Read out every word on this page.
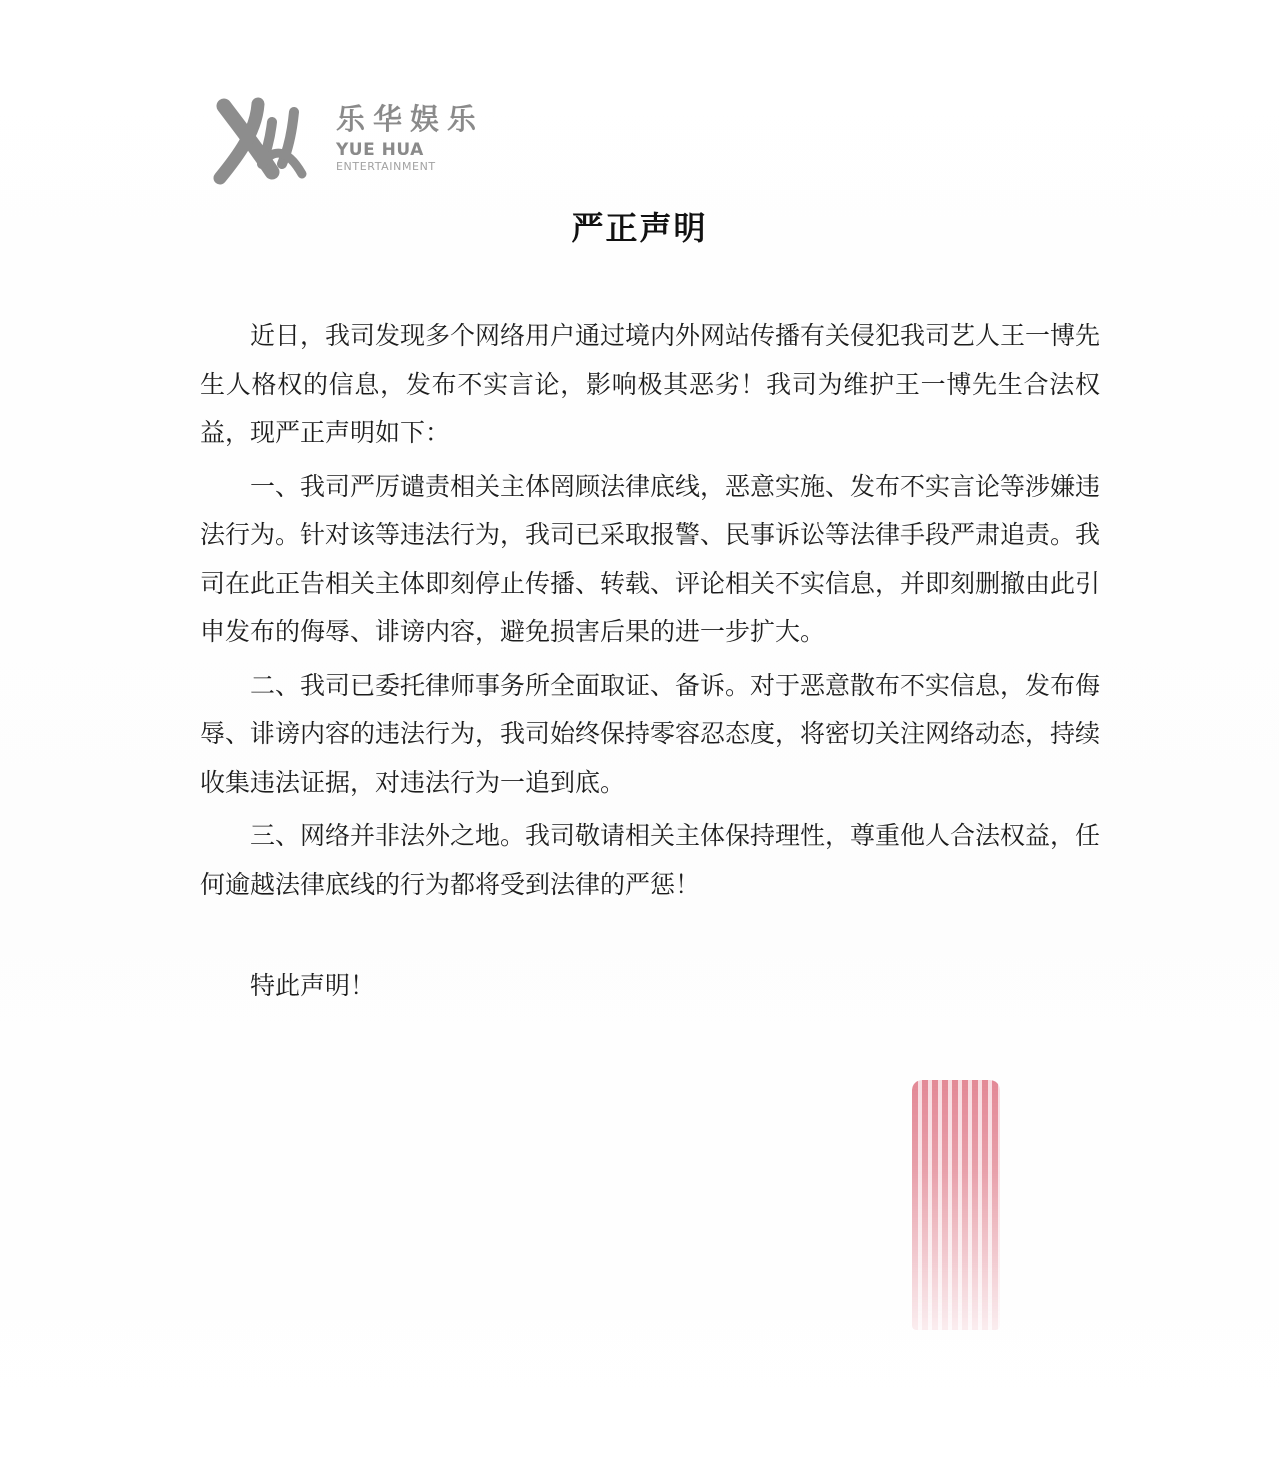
乐华娱乐
YUE HUA
ENTERTAINMENT
严正声明

近日，我司发现多个网络用户通过境内外网站传播有关侵犯我司艺人王一博先生人格权的信息，发布不实言论，影响极其恶劣！我司为维护王一博先生合法权益，现严正声明如下：

一、我司严厉谴责相关主体罔顾法律底线，恶意实施、发布不实言论等涉嫌违法行为。针对该等违法行为，我司已采取报警、民事诉讼等法律手段严肃追责。我司在此正告相关主体即刻停止传播、转载、评论相关不实信息，并即刻删撤由此引申发布的侮辱、诽谤内容，避免损害后果的进一步扩大。

二、我司已委托律师事务所全面取证、备诉。对于恶意散布不实信息，发布侮辱、诽谤内容的违法行为，我司始终保持零容忍态度，将密切关注网络动态，持续收集违法证据，对违法行为一追到底。

三、网络并非法外之地。我司敬请相关主体保持理性，尊重他人合法权益，任何逾越法律底线的行为都将受到法律的严惩！

特此声明！
